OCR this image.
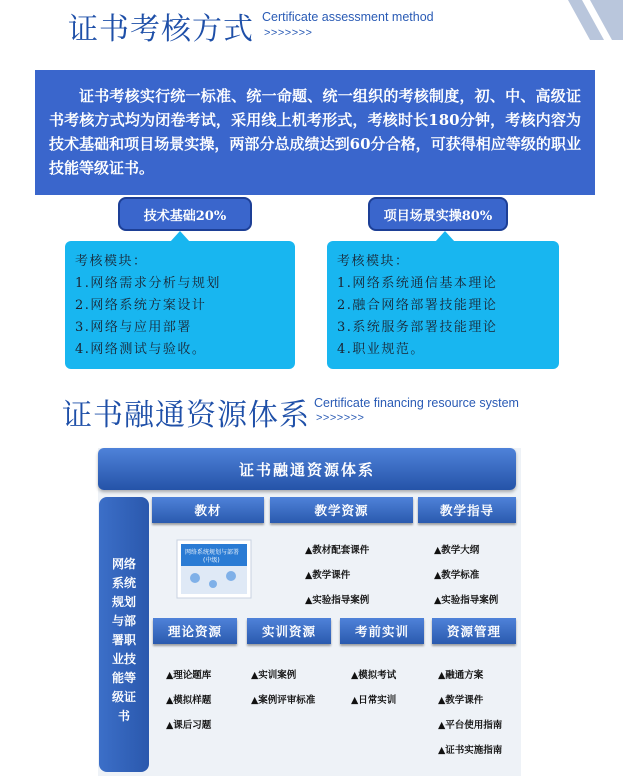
证书考核方式 Certificate assessment method
>>>>>>>
证书考核实行统一标准、统一命题、统一组织的考核制度，初、中、高级证书考核方式均为闭卷考试，采用线上机考形式，考核时长180分钟，考核内容为技术基础和项目场景实操，两部分总成绩达到60分合格，可获得相应等级的职业技能等级证书。
技术基础20%	项目场景实操80%
考核模块：
1.网络需求分析与规划
2.网络系统方案设计
3.网络与应用部署
4.网络测试与验收。
考核模块：
1.网络系统通信基本理论
2.融合网络部署技能理论
3.系统服务部署技能理论
4.职业规范。
证书融通资源体系 Certificate financing resource system
>>>>>>>
证书融通资源体系
网络
系统
规划
与部
署职
业技
能等
级证
书
教材	教学资源	教学指导
网络系统规划与部署
(中级)
▲教材配套课件
▲教学课件
▲实验指导案例
▲教学大纲
▲教学标准
▲实验指导案例
理论资源	实训资源	考前实训	资源管理
▲理论题库
▲模拟样题
▲课后习题
▲实训案例
▲案例评审标准
▲模拟考试
▲日常实训
▲融通方案
▲教学课件
▲平台使用指南
▲证书实施指南
